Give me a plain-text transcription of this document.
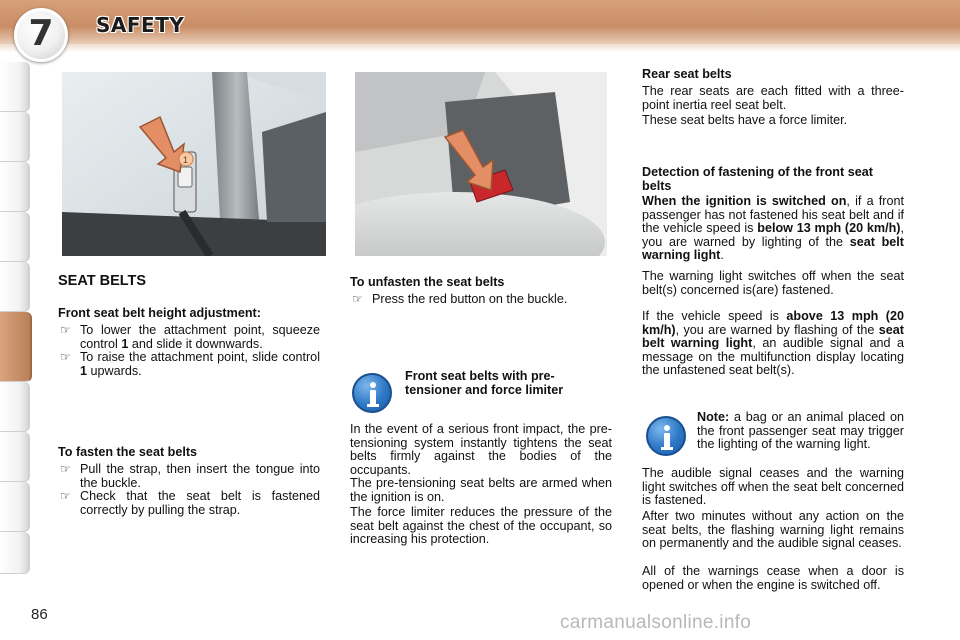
7	SAFETY
1
SEAT BELTS
Front seat belt height adjustment:
☞ To lower the attachment point, squeeze control 1 and slide it downwards.
☞ To raise the attachment point, slide control 1 upwards.
To fasten the seat belts
☞ Pull the strap, then insert the tongue into the buckle.
☞ Check that the seat belt is fastened correctly by pulling the strap.
To unfasten the seat belts
☞ Press the red button on the buckle.
Front seat belts with pre-tensioner and force limiter
In the event of a serious front impact, the pre-tensioning system instantly tightens the seat belts firmly against the bodies of the occupants.
The pre-tensioning seat belts are armed when the ignition is on.
The force limiter reduces the pressure of the seat belt against the chest of the occupant, so increasing his protection.
Rear seat belts
The rear seats are each fitted with a three-point inertia reel seat belt.
These seat belts have a force limiter.
Detection of fastening of the front seat belts
When the ignition is switched on, if a front passenger has not fastened his seat belt and if the vehicle speed is below 13 mph (20 km/h), you are warned by lighting of the seat belt warning light.
The warning light switches off when the seat belt(s) concerned is(are) fastened.
If the vehicle speed is above 13 mph (20 km/h), you are warned by flashing of the seat belt warning light, an audible signal and a message on the multifunction display locating the unfastened seat belt(s).
Note: a bag or an animal placed on the front passenger seat may trigger the lighting of the warning light.
The audible signal ceases and the warning light switches off when the seat belt concerned is fastened.
After two minutes without any action on the seat belts, the flashing warning light remains on permanently and the audible signal ceases.
All of the warnings cease when a door is opened or when the engine is switched off.
86	carmanualsonline.info
